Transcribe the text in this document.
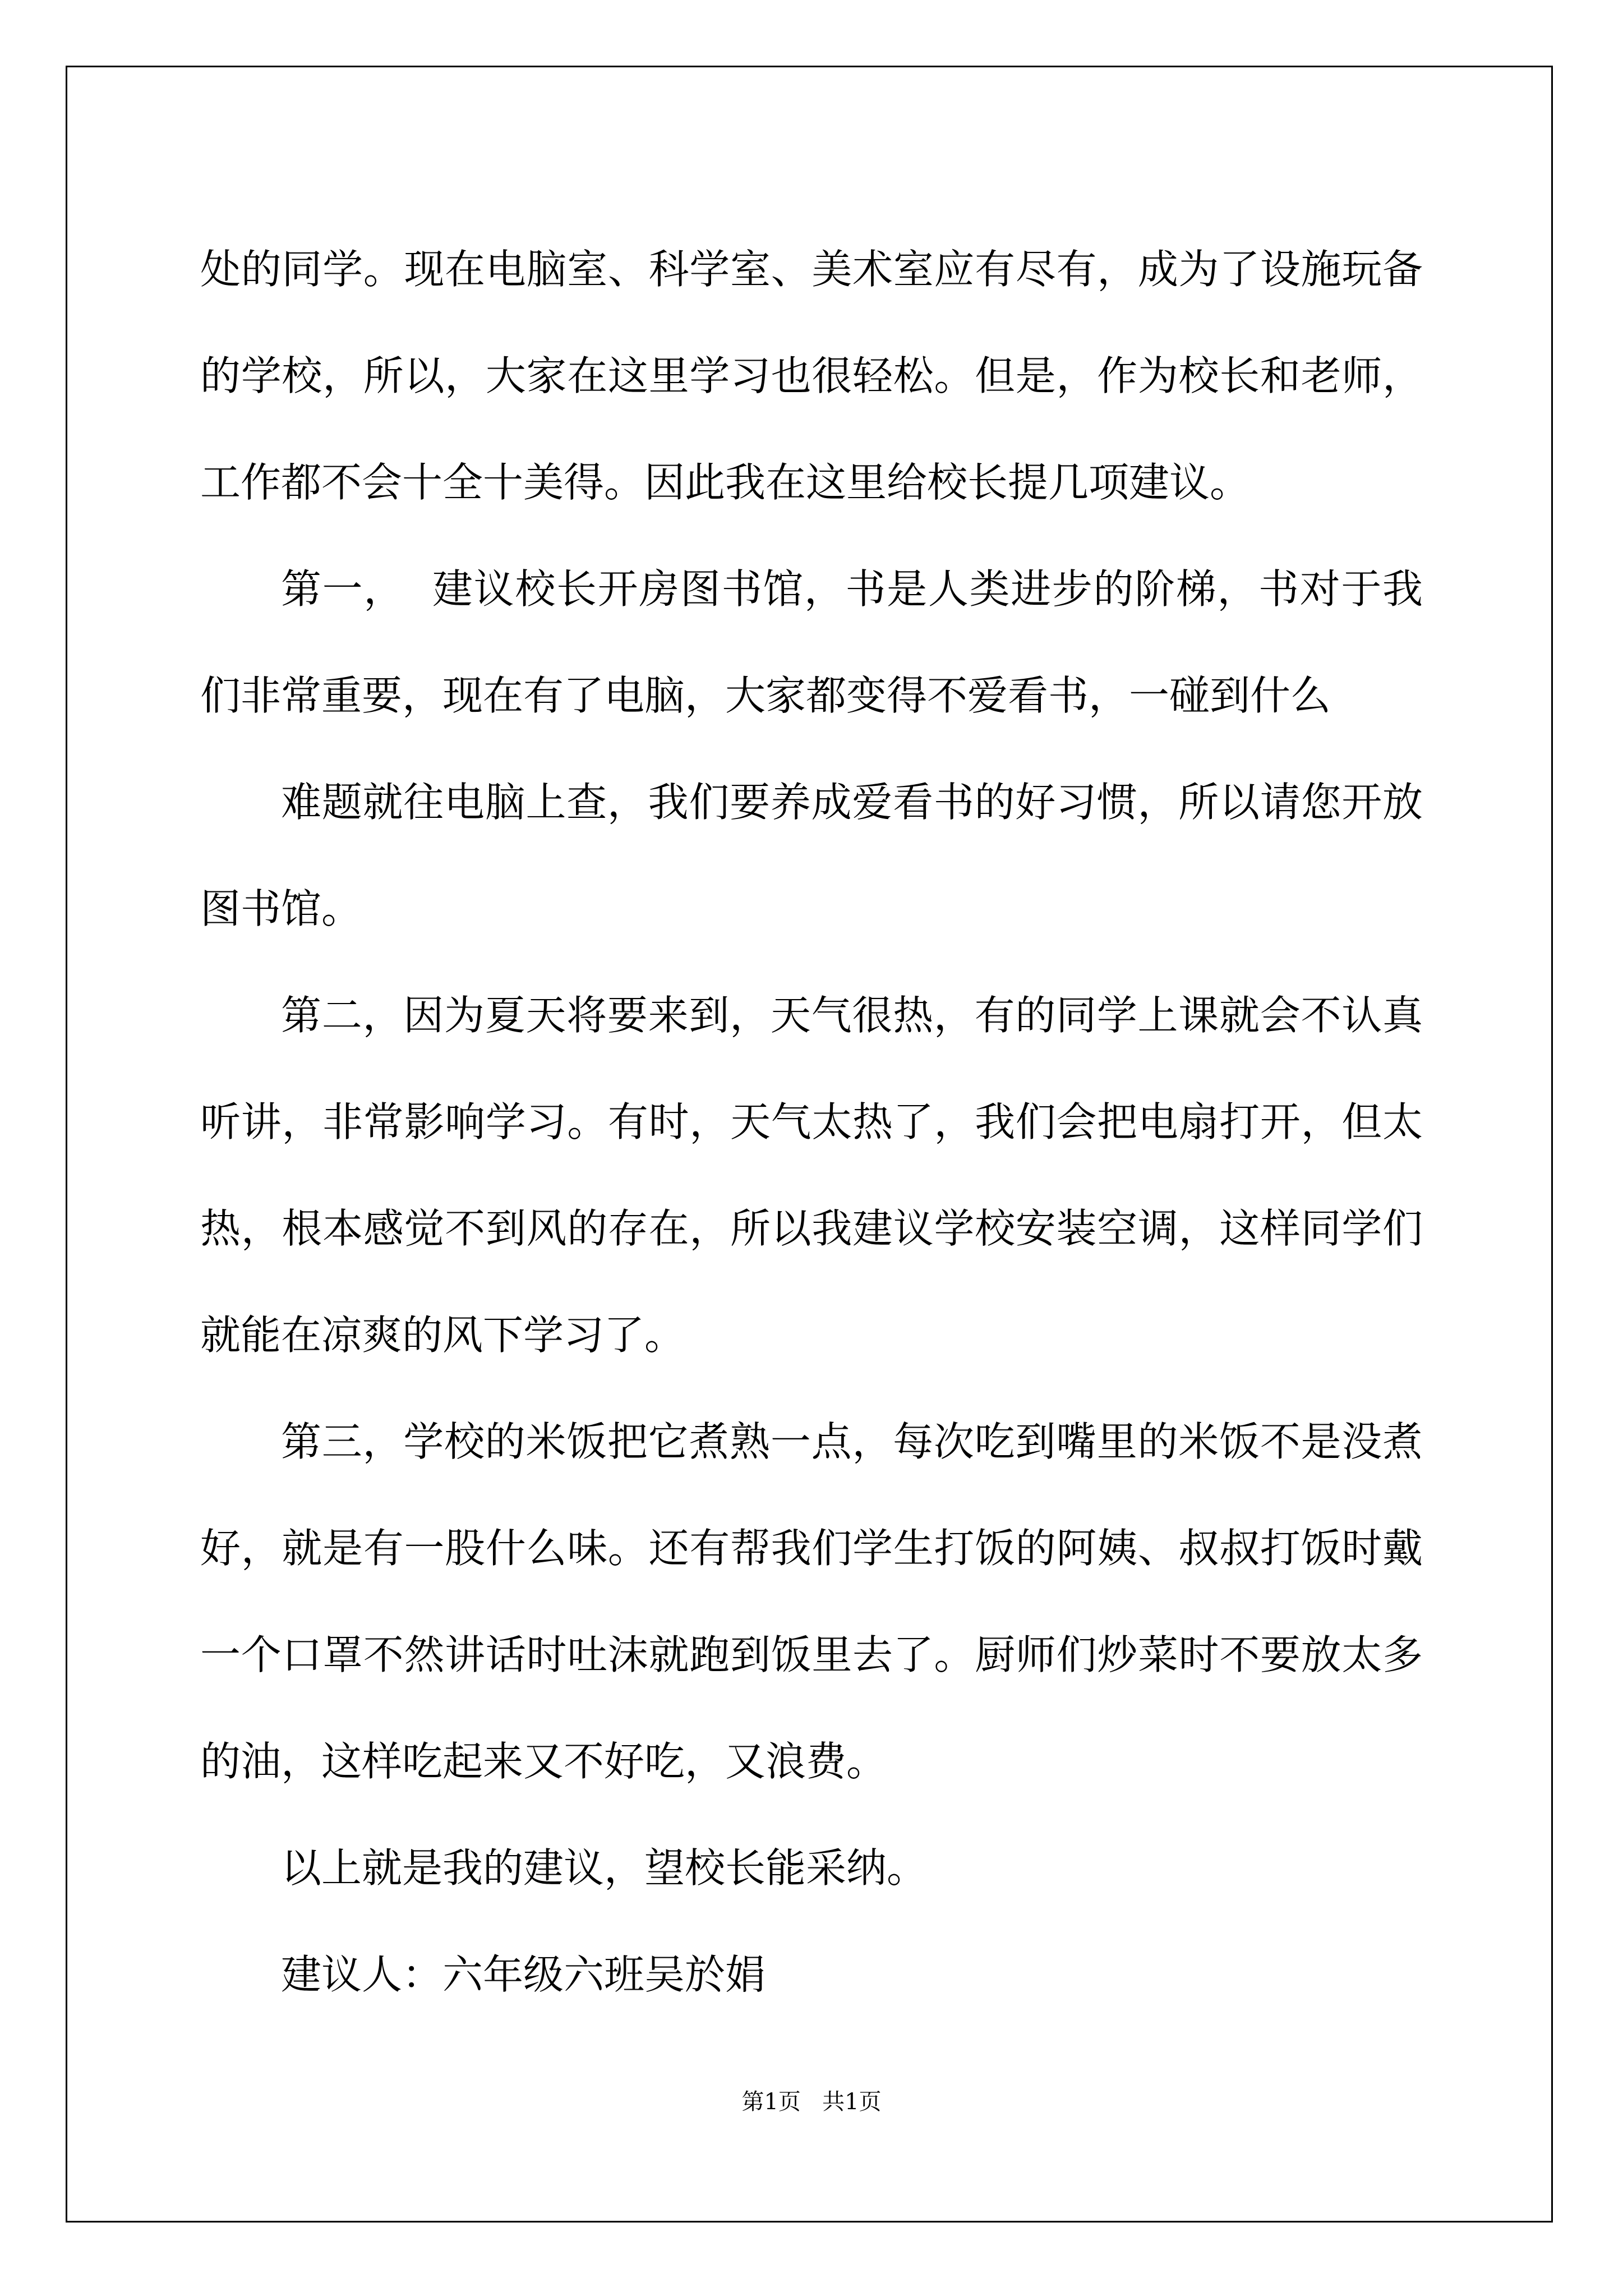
处的同学。现在电脑室、科学室、美术室应有尽有，成为了设施玩备的学校，所以，大家在这里学习也很轻松。但是，作为校长和老师，工作都不会十全十美得。因此我在这里给校长提几项建议。

第一，  建议校长开房图书馆，书是人类进步的阶梯，书对于我们非常重要，现在有了电脑，大家都变得不爱看书，一碰到什么

难题就往电脑上查，我们要养成爱看书的好习惯，所以请您开放图书馆。

第二，因为夏天将要来到，天气很热，有的同学上课就会不认真听讲，非常影响学习。有时，天气太热了，我们会把电扇打开，但太热，根本感觉不到风的存在，所以我建议学校安装空调，这样同学们就能在凉爽的风下学习了。

第三，学校的米饭把它煮熟一点，每次吃到嘴里的米饭不是没煮好，就是有一股什么味。还有帮我们学生打饭的阿姨、叔叔打饭时戴一个口罩不然讲话时吐沫就跑到饭里去了。厨师们炒菜时不要放太多的油，这样吃起来又不好吃，又浪费。

以上就是我的建议，望校长能采纳。

建议人：六年级六班吴於娟

第1页 共1页
